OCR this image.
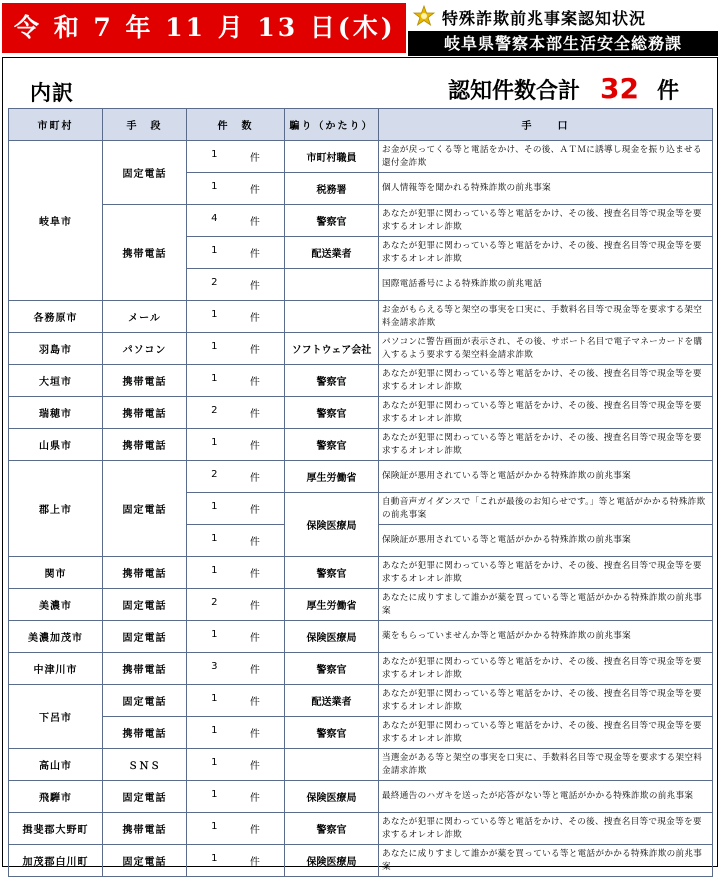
令 和 7 年 11 月 13 日(木)	特殊詐欺前兆事案認知状況
岐阜県警察本部生活安全総務課
内訳	認知件数合計 32 件
市町村	手　段	件　数	騙り（かたり）	手　　口
岐阜市	固定電話	1 件	市町村職員	お金が戻ってくる等と電話をかけ、その後、ＡＴＭに誘導し現金を振り込ませる還付金詐欺

		1 件	税務署	個人情報等を聞かれる特殊詐欺の前兆事案
	携帯電話	4 件	警察官	あなたが犯罪に関わっている等と電話をかけ、その後、捜査名目等で現金等を要求するオレオレ詐欺

		1 件	配送業者	あなたが犯罪に関わっている等と電話をかけ、その後、捜査名目等で現金等を要求するオレオレ詐欺

		2 件		国際電話番号による特殊詐欺の前兆電話
各務原市	メール	1 件		お金がもらえる等と架空の事実を口実に、手数料名目等で現金等を要求する架空料金請求詐欺
羽島市	パソコン	1 件	ソフトウェア会社	パソコンに警告画面が表示され、その後、サポート名目で電子マネーカードを購入するよう要求する架空料金請求詐欺
大垣市	携帯電話	1 件	警察官	あなたが犯罪に関わっている等と電話をかけ、その後、捜査名目等で現金等を要求するオレオレ詐欺
瑞穂市	携帯電話	2 件	警察官	あなたが犯罪に関わっている等と電話をかけ、その後、捜査名目等で現金等を要求するオレオレ詐欺
山県市	携帯電話	1 件	警察官	あなたが犯罪に関わっている等と電話をかけ、その後、捜査名目等で現金等を要求するオレオレ詐欺
郡上市	固定電話	2 件	厚生労働省	保険証が悪用されている等と電話がかかる特殊詐欺の前兆事案

		1 件	保険医療局	自動音声ガイダンスで「これが最後のお知らせです。」等と電話がかかる特殊詐欺の前兆事案

		1 件		保険証が悪用されている等と電話がかかる特殊詐欺の前兆事案
関市	携帯電話	1 件	警察官	あなたが犯罪に関わっている等と電話をかけ、その後、捜査名目等で現金等を要求するオレオレ詐欺
美濃市	固定電話	2 件	厚生労働省	あなたに成りすまして誰かが薬を買っている等と電話がかかる特殊詐欺の前兆事案
美濃加茂市	固定電話	1 件	保険医療局	薬をもらっていませんか等と電話がかかる特殊詐欺の前兆事案
中津川市	携帯電話	3 件	警察官	あなたが犯罪に関わっている等と電話をかけ、その後、捜査名目等で現金等を要求するオレオレ詐欺
下呂市	固定電話	1 件	配送業者	あなたが犯罪に関わっている等と電話をかけ、その後、捜査名目等で現金等を要求するオレオレ詐欺
	携帯電話	1 件	警察官	あなたが犯罪に関わっている等と電話をかけ、その後、捜査名目等で現金等を要求するオレオレ詐欺
高山市	ＳＮＳ	1 件		当選金がある等と架空の事実を口実に、手数料名目等で現金等を要求する架空料金請求詐欺
飛騨市	固定電話	1 件	保険医療局	最終通告のハガキを送ったが応答がない等と電話がかかる特殊詐欺の前兆事案
揖斐郡大野町	携帯電話	1 件	警察官	あなたが犯罪に関わっている等と電話をかけ、その後、捜査名目等で現金等を要求するオレオレ詐欺
加茂郡白川町	固定電話	1 件	保険医療局	あなたに成りすまして誰かが薬を買っている等と電話がかかる特殊詐欺の前兆事案
